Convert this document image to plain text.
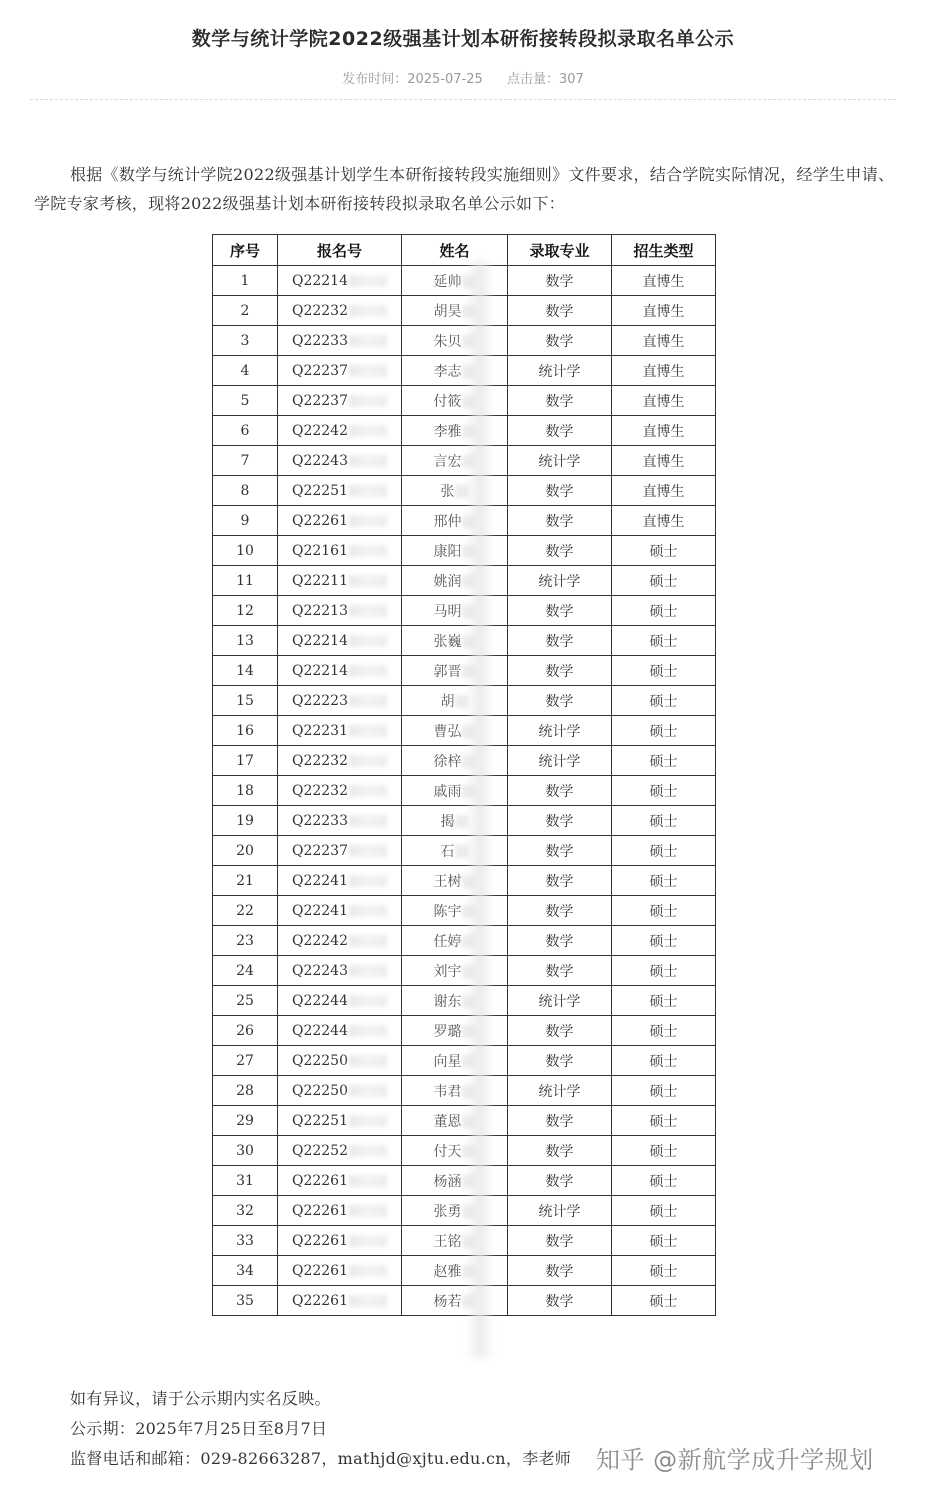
数学与统计学院2022级强基计划本研衔接转段拟录取名单公示
发布时间：2025-07-25 点击量：307
根据《数学与统计学院2022级强基计划学生本研衔接转段实施细则》文件要求，结合学院实际情况，经学生申请、学院专家考核，现将2022级强基计划本研衔接转段拟录取名单公示如下：
序号	报名号	姓名	录取专业	招生类型
1	Q22214	延帅	数学	直博生
2	Q22232	胡昊	数学	直博生
3	Q22233	朱贝	数学	直博生
4	Q22237	李志	统计学	直博生
5	Q22237	付筱	数学	直博生
6	Q22242	李雅	数学	直博生
7	Q22243	言宏	统计学	直博生
8	Q22251	张	数学	直博生
9	Q22261	邢仲	数学	直博生
10	Q22161	康阳	数学	硕士
11	Q22211	姚润	统计学	硕士
12	Q22213	马明	数学	硕士
13	Q22214	张巍	数学	硕士
14	Q22214	郭晋	数学	硕士
15	Q22223	胡	数学	硕士
16	Q22231	曹弘	统计学	硕士
17	Q22232	徐梓	统计学	硕士
18	Q22232	戚雨	数学	硕士
19	Q22233	揭	数学	硕士
20	Q22237	石	数学	硕士
21	Q22241	王树	数学	硕士
22	Q22241	陈宇	数学	硕士
23	Q22242	任婷	数学	硕士
24	Q22243	刘宇	数学	硕士
25	Q22244	谢东	统计学	硕士
26	Q22244	罗璐	数学	硕士
27	Q22250	向星	数学	硕士
28	Q22250	韦君	统计学	硕士
29	Q22251	董恩	数学	硕士
30	Q22252	付天	数学	硕士
31	Q22261	杨涵	数学	硕士
32	Q22261	张勇	统计学	硕士
33	Q22261	王铭	数学	硕士
34	Q22261	赵雅	数学	硕士
35	Q22261	杨若	数学	硕士
如有异议，请于公示期内实名反映。
公示期：2025年7月25日至8月7日
监督电话和邮箱：029-82663287，mathjd@xjtu.edu.cn，李老师 知乎 @新航学成升学规划
